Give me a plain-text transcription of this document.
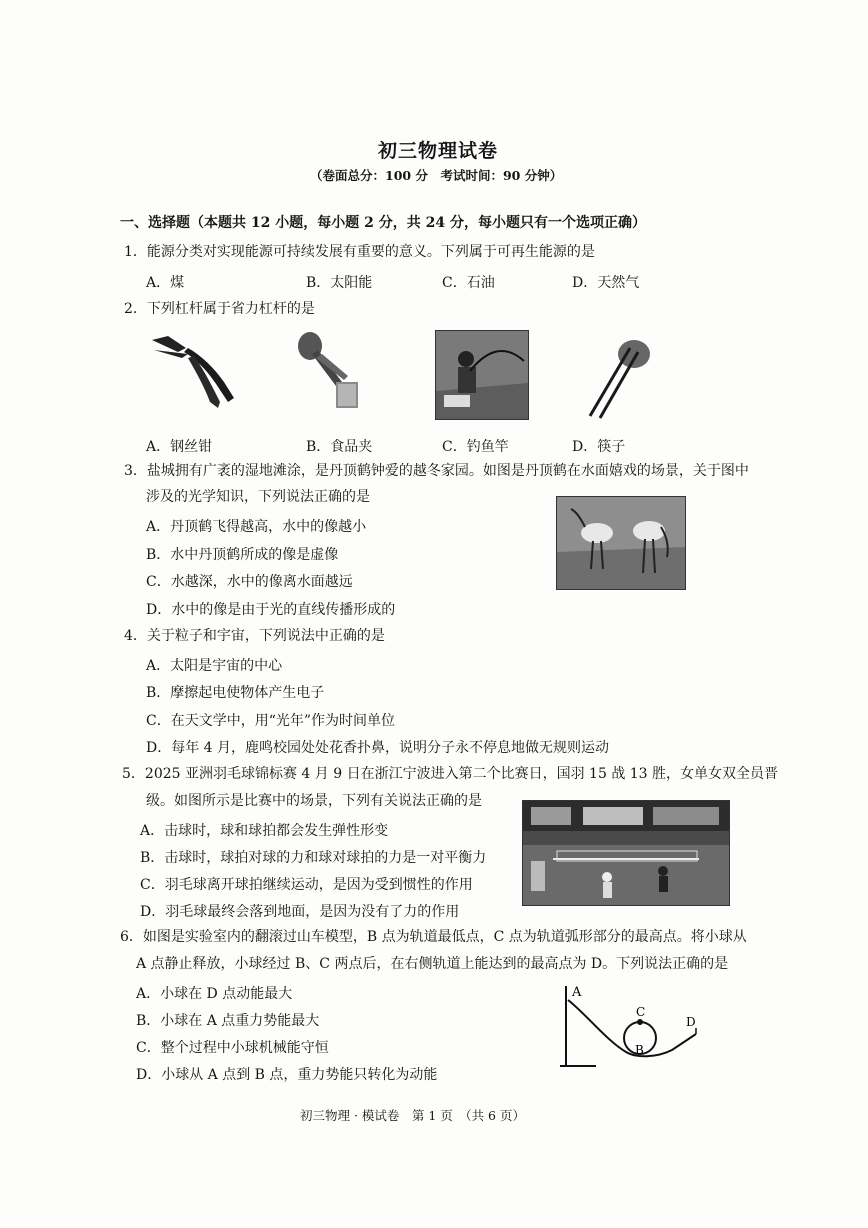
初三物理试卷
（卷面总分：100 分　考试时间：90 分钟）
一、选择题（本题共 12 小题，每小题 2 分，共 24 分，每小题只有一个选项正确）
1．能源分类对实现能源可持续发展有重要的意义。下列属于可再生能源的是
A．煤	B．太阳能	C．石油	D．天然气
2．下列杠杆属于省力杠杆的是
A．钢丝钳	B．食品夹	C．钓鱼竿	D．筷子
3．盐城拥有广袤的湿地滩涂，是丹顶鹤钟爱的越冬家园。如图是丹顶鹤在水面嬉戏的场景，关于图中
涉及的光学知识，下列说法正确的是
A．丹顶鹤飞得越高，水中的像越小
B．水中丹顶鹤所成的像是虚像
C．水越深，水中的像离水面越远
D．水中的像是由于光的直线传播形成的
4．关于粒子和宇宙，下列说法中正确的是
A．太阳是宇宙的中心
B．摩擦起电使物体产生电子
C．在天文学中，用“光年”作为时间单位
D．每年 4 月，鹿鸣校园处处花香扑鼻，说明分子永不停息地做无规则运动
5．2025 亚洲羽毛球锦标赛 4 月 9 日在浙江宁波进入第二个比赛日，国羽 15 战 13 胜，女单女双全员晋
级。如图所示是比赛中的场景，下列有关说法正确的是
A．击球时，球和球拍都会发生弹性形变
B．击球时，球拍对球的力和球对球拍的力是一对平衡力
C．羽毛球离开球拍继续运动，是因为受到惯性的作用
D．羽毛球最终会落到地面，是因为没有了力的作用
6．如图是实验室内的翻滚过山车模型，B 点为轨道最低点，C 点为轨道弧形部分的最高点。将小球从
A 点静止释放，小球经过 B、C 两点后，在右侧轨道上能达到的最高点为 D。下列说法正确的是
A．小球在 D 点动能最大
B．小球在 A 点重力势能最大
C．整个过程中小球机械能守恒
D．小球从 A 点到 B 点，重力势能只转化为动能
A
C
B
D
初三物理 · 模试卷　第 1 页　（共 6 页）
